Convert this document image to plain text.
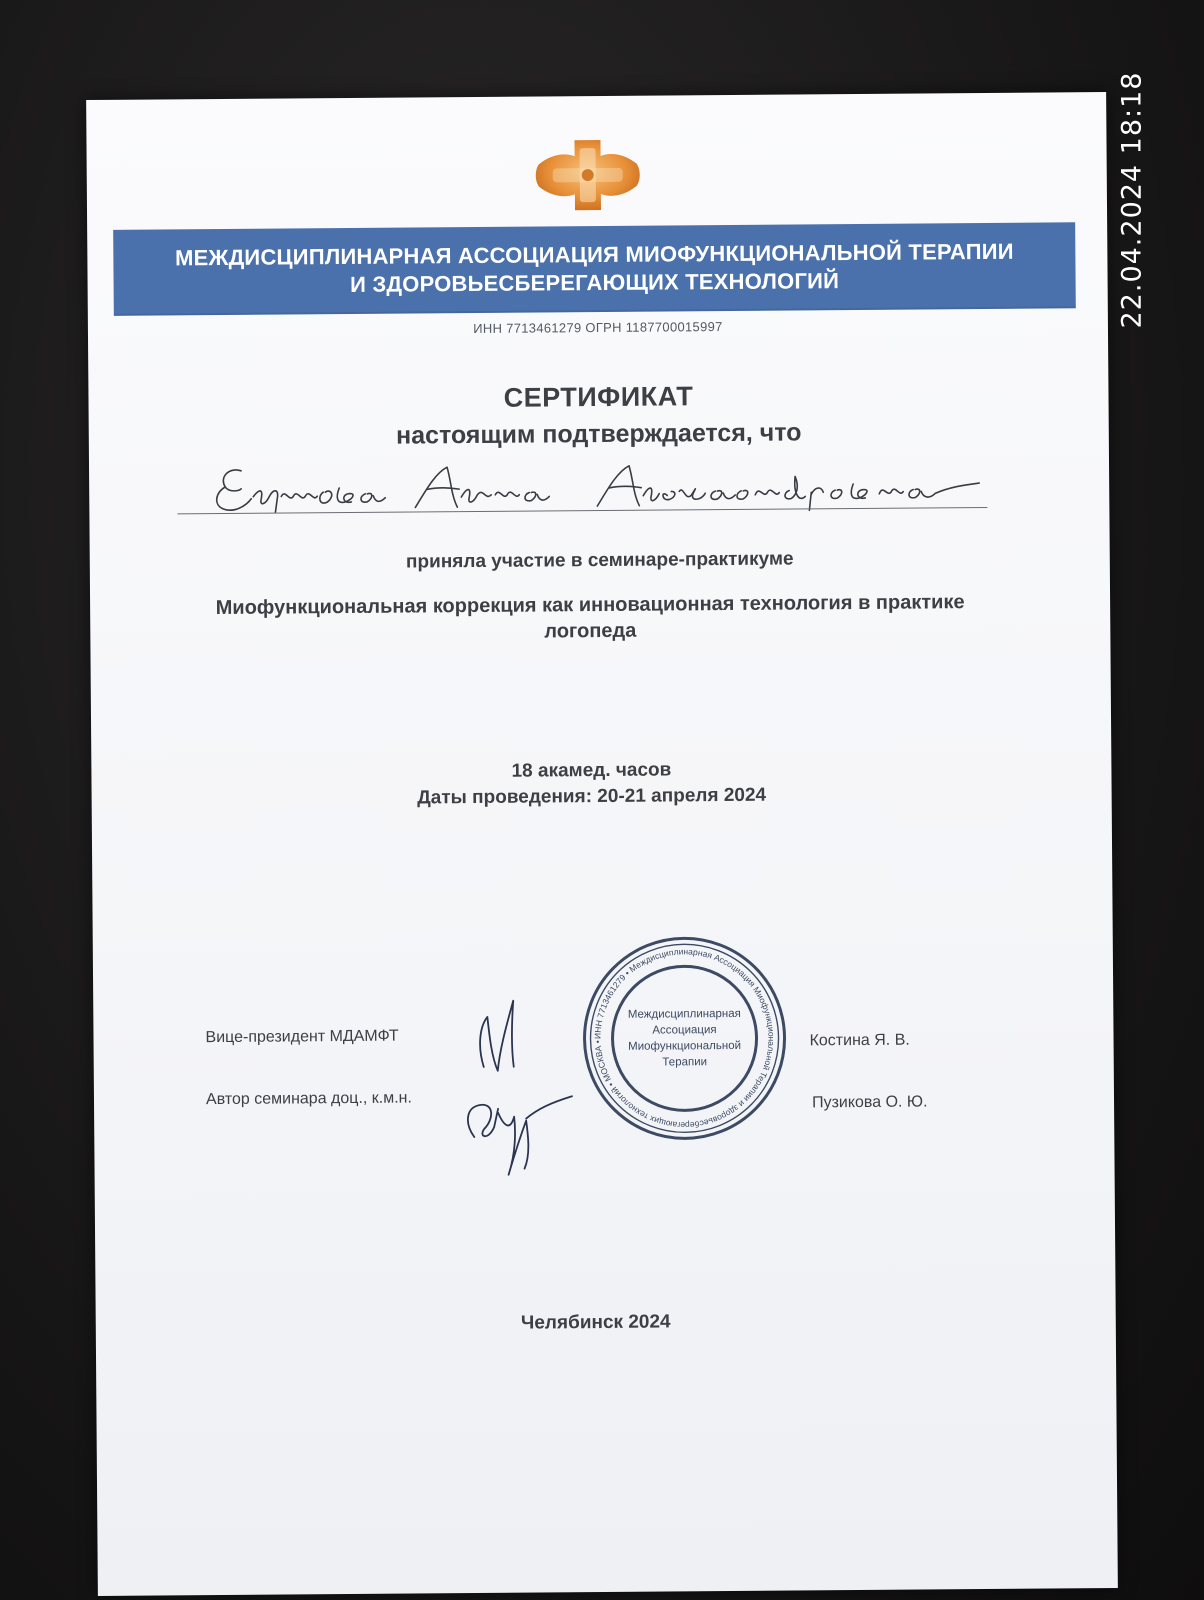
МЕЖДИСЦИПЛИНАРНАЯ АССОЦИАЦИЯ МИОФУНКЦИОНАЛЬНОЙ ТЕРАПИИ
И ЗДОРОВЬЕСБЕРЕГАЮЩИХ ТЕХНОЛОГИЙ
ИНН 7713461279 ОГРН 1187700015997
СЕРТИФИКАТ
настоящим подтверждается, что
приняла участие в семинаре-практикуме
Миофункциональная коррекция как инновационная технология в практике логопеда
18 акамед. часов
Даты проведения: 20-21 апреля 2024
Вице-президент МДАМФТ	Костина Я. В.
Автор семинара доц., к.м.н.	Пузикова О. Ю.
ИНН 7713461279 • Междисциплинарная Ассоциация Миофункциональной Терапии и здоровьесберегающих технологий • МОСКВА •
Междисциплинарная
Ассоциация
Миофункциональной
Терапии
Челябинск 2024
22.04.2024 18:18
